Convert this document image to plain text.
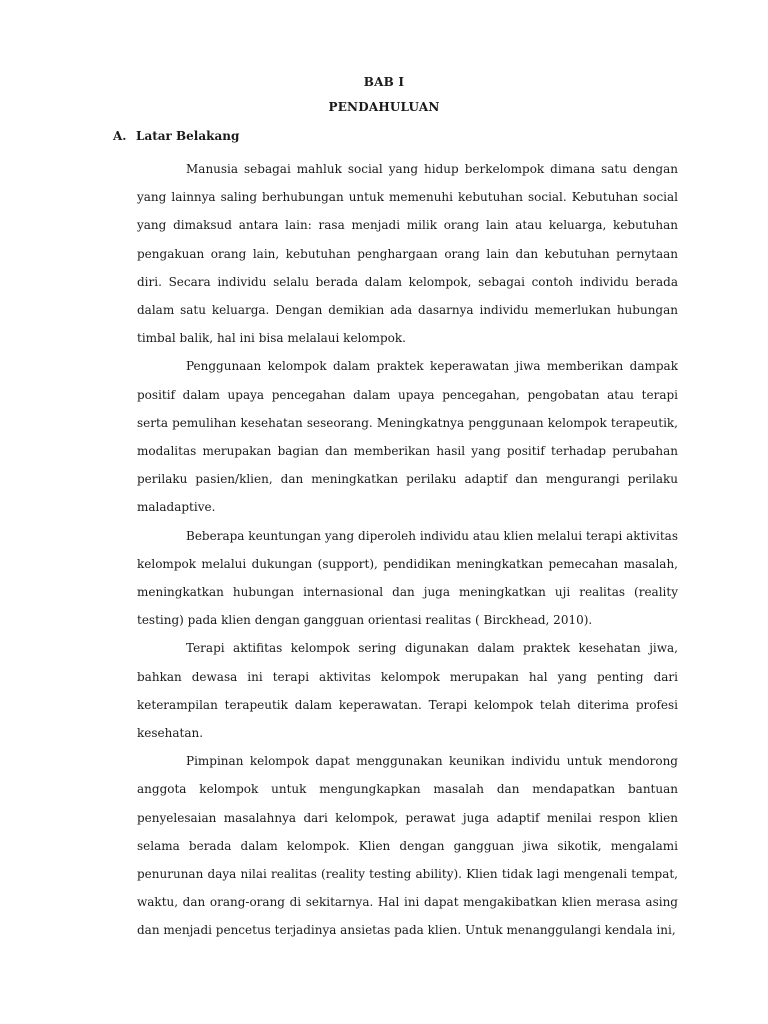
BAB I
PENDAHULUAN
A. Latar Belakang

Manusia sebagai mahluk social yang hidup berkelompok dimana satu dengan yang lainnya saling berhubungan untuk memenuhi kebutuhan social. Kebutuhan social yang dimaksud antara lain: rasa menjadi milik orang lain atau keluarga, kebutuhan pengakuan orang lain, kebutuhan penghargaan orang lain dan kebutuhan pernytaan diri. Secara individu selalu berada dalam kelompok, sebagai contoh individu berada dalam satu keluarga. Dengan demikian ada dasarnya individu memerlukan hubungan timbal balik, hal ini bisa melalaui kelompok.

Penggunaan kelompok dalam praktek keperawatan jiwa memberikan dampak positif dalam upaya pencegahan dalam upaya pencegahan, pengobatan atau terapi serta pemulihan kesehatan seseorang. Meningkatnya penggunaan kelompok terapeutik, modalitas merupakan bagian dan memberikan hasil yang positif terhadap perubahan perilaku pasien/klien, dan meningkatkan perilaku adaptif dan mengurangi perilaku maladaptive.

Beberapa keuntungan yang diperoleh individu atau klien melalui terapi aktivitas kelompok melalui dukungan (support), pendidikan meningkatkan pemecahan masalah, meningkatkan hubungan internasional dan juga meningkatkan uji realitas (reality testing) pada klien dengan gangguan orientasi realitas ( Birckhead, 2010).

Terapi aktifitas kelompok sering digunakan dalam praktek kesehatan jiwa, bahkan dewasa ini terapi aktivitas kelompok merupakan hal yang penting dari keterampilan terapeutik dalam keperawatan. Terapi kelompok telah diterima profesi kesehatan.

Pimpinan kelompok dapat menggunakan keunikan individu untuk mendorong anggota kelompok untuk mengungkapkan masalah dan mendapatkan bantuan penyelesaian masalahnya dari kelompok, perawat juga adaptif menilai respon klien selama berada dalam kelompok. Klien dengan gangguan jiwa sikotik, mengalami penurunan daya nilai realitas (reality testing ability). Klien tidak lagi mengenali tempat, waktu, dan orang-orang di sekitarnya. Hal ini dapat mengakibatkan klien merasa asing dan menjadi pencetus terjadinya ansietas pada klien. Untuk menanggulangi kendala ini,
